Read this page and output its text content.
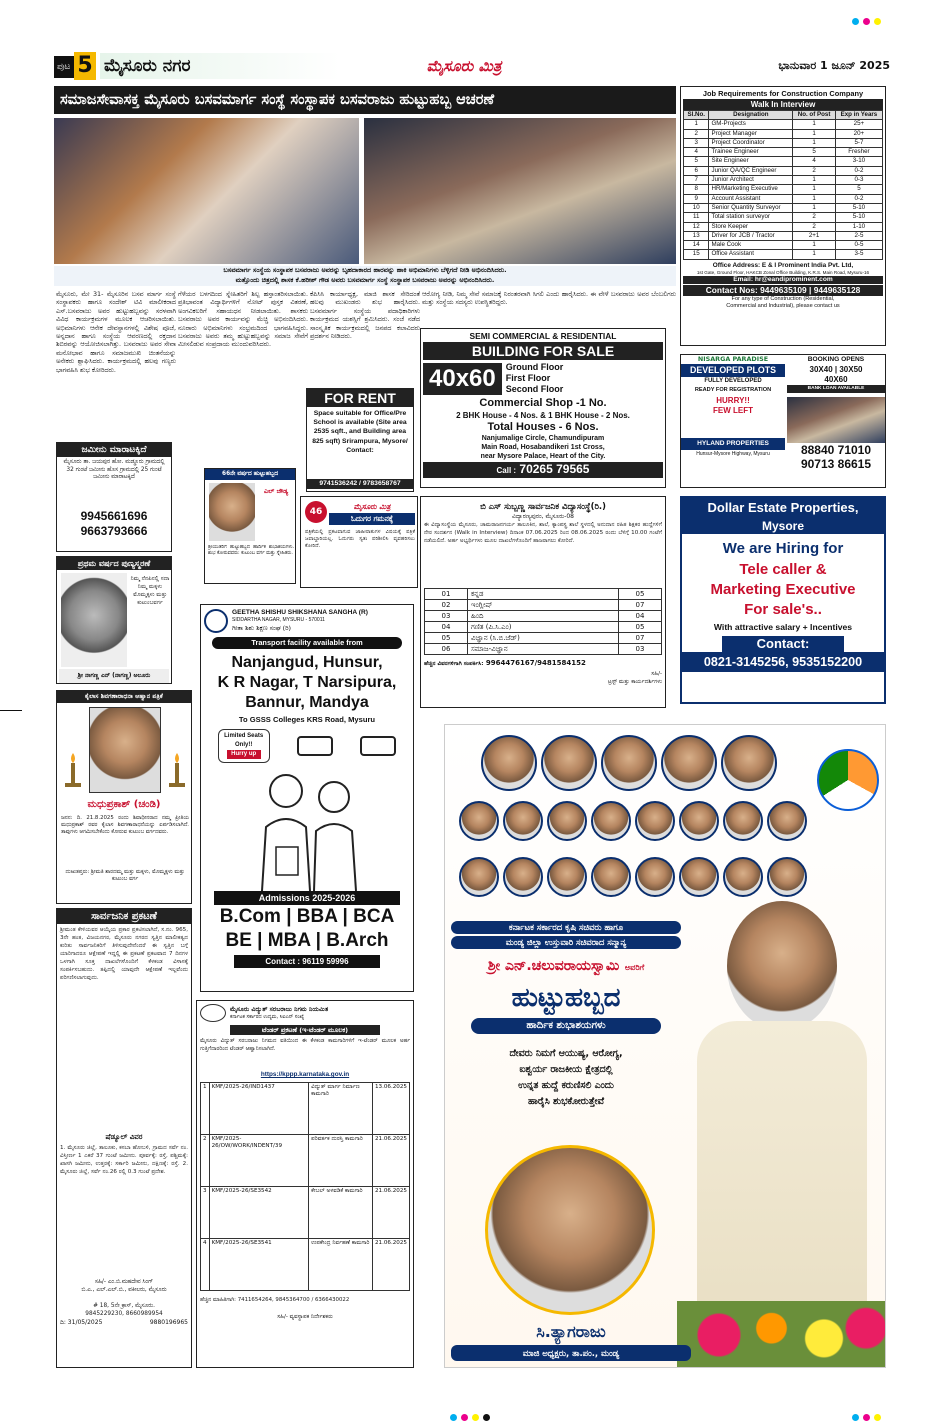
ಪುಟ 5 ಮೈಸೂರು ನಗರ	ಮೈಸೂರು ಮಿತ್ರ	ಭಾನುವಾರ 1 ಜೂನ್ 2025
ಸಮಾಜಸೇವಾಸಕ್ತ ಮೈಸೂರು ಬಸವಮಾರ್ಗ ಸಂಸ್ಥೆ ಸಂಸ್ಥಾಪಕ ಬಸವರಾಜು ಹುಟ್ಟುಹಬ್ಬ ಆಚರಣೆ
ಬಸವಮಾರ್ಗ ಸಂಸ್ಥೆಯ ಸಂಸ್ಥಾಪಕ ಬಸವರಾಜು ಅವರನ್ನು ಬೃಹದಾಕಾರದ ಹಾರವನ್ನು ಹಾಕಿ ಅಭಿಮಾನಿಗಳು ಬೆಳ್ಳಿಗದೆ ನೀಡಿ ಅಭಿನಂದಿಸಿದರು.
ಮತ್ತೊಂದು ಚಿತ್ರದಲ್ಲಿ ಶಾಸಕ ಕೆ.ಹರೀಶ್ ಗೌಡ ಅವರು ಬಸವಮಾರ್ಗ ಸಂಸ್ಥೆ ಸಂಸ್ಥಾಪಕ ಬಸವರಾಜು ಅವರನ್ನು ಅಭಿನಂದಿಸಿದರು.
ಮೈಸೂರು, ಮೇ 31- ಮೈಸೂರಿನ ಬಸವ ಮಾರ್ಗ ಸಂಸ್ಥೆ ಸಂಸ್ಥಾಪಕರು ಹಾಗೂ ಸಂದೇಶ್ ಟಿವಿ ಮಾಲೀಕರಾದ ಎಸ್.ಬಸವರಾಜು ಅವರ ಹುಟ್ಟುಹಬ್ಬವನ್ನು ಸರಳವಾಗಿ ವಿವಿಧ ಕಾರ್ಯಕ್ರಮಗಳ ಮೂಲಕ ಆಚರಿಸಲಾಯಿತು. ಅಭಿಮಾನಿಗಳು ಆನೇಕ ದೇವಸ್ಥಾನಗಳಲ್ಲಿ ವಿಶೇಷ ಪೂಜೆ, ಅನ್ನದಾನ ಹಾಗೂ ಸಂಸ್ಥೆಯ ಆವರಣದಲ್ಲಿ ರಕ್ತದಾನ ಶಿಬಿರವನ್ನು ಆಯೋಜಿಸಲಾಗಿತ್ತು. ಬಸವರಾಜು ಅವರ ಸೇವಾ ಮನೋಭಾವ ಹಾಗೂ ಸಮಾಜಮುಖಿ ಚಿಂತನೆಯನ್ನು ಅನೇಕರು ಶ್ಲಾಘಿಸಿದರು. ಕಾರ್ಯಕ್ರಮದಲ್ಲಿ ಹಲವು ಗಣ್ಯರು ಭಾಗವಹಿಸಿ ಶುಭ ಕೋರಿದರು.
ಗೆಳೆಯರ ಬಳಗದಿಂದ ಸ್ನೇಹಿತರಿಗೆ ಶಿಲ್ಪ ಹಸ್ತಾಂತರಿಸಲಾಯಿತು. ಪ್ರತಿಭಾವಂತ ವಿದ್ಯಾರ್ಥಿಗಳಿಗೆ ನೋಟ್ ಪುಸ್ತಕ ವಿತರಣೆ, ಅಂಗವಿಕಲರಿಗೆ ಸಹಾಯಧನ ನೀಡಲಾಯಿತು. ಶಾಸಕರು ಬಸವರಾಜು ಅವರ ಕಾರ್ಯವನ್ನು ಮೆಚ್ಚಿ ಅಭಿನಂದಿಸಿದರು. ನೂರಾರು ಅಭಿಮಾನಿಗಳು ಸಂಭ್ರಮದಿಂದ ಭಾಗವಹಿಸಿದ್ದರು. ಬಸವರಾಜು ಅವರು ತಮ್ಮ ಹುಟ್ಟುಹಬ್ಬವನ್ನು ಸಮಾಜ ಸೇವೆಗೆ ಮೀಸಲಿಡುವ ಸಂಪ್ರದಾಯ ಮುಂದುವರಿಸಿದರು.
ಕೆಪಿಸಿಸಿ ಕಾರ್ಯಾಧ್ಯಕ್ಷ, ಮಾಜಿ ಶಾಸಕ ಸೇರಿದಂತೆ ಹಲವು ಮುಖಂಡರು ಶುಭ ಹಾರೈಸಿದರು. ಬಸವಮಾರ್ಗ ಸಂಸ್ಥೆಯ ಪದಾಧಿಕಾರಿಗಳು ಕಾರ್ಯಕ್ರಮದ ಯಶಸ್ಸಿಗೆ ಶ್ರಮಿಸಿದರು. ಸಂಜೆ ನಡೆದ ಸಾಂಸ್ಕೃತಿಕ ಕಾರ್ಯಕ್ರಮದಲ್ಲಿ ಜನಪದ ಕಲಾವಿದರು ಪ್ರದರ್ಶನ ನೀಡಿದರು.
ಆರೋಗ್ಯ ನೀಡಿ, ನಿಮ್ಮ ಸೇವೆ ಸಮಾಜಕ್ಕೆ ನಿರಂತರವಾಗಿ ಸಿಗಲಿ ಎಂದು ಹಾರೈಸಿದರು. ಈ ವೇಳೆ ಬಸವರಾಜು ಅವರ ಬೆಂಬಲಿಗರು ಮತ್ತು ಸಂಸ್ಥೆಯ ಸದಸ್ಯರು ಉಪಸ್ಥಿತರಿದ್ದರು.
Job Requirements for Construction Company
Walk In Interview
Sl.No.	Designation	No. of Post	Exp in Years
1	GM-Projects	1	25+
2	Project Manager	1	20+
3	Project Coordinator	1	5-7
4	Trainee Engineer	5	Fresher
5	Site Engineer	4	3-10
6	Junior QA/QC Engineer	2	0-2
7	Junior Architect	1	0-3
8	HR/Marketing Executive	1	5
9	Account Assistant	1	0-2
10	Senior Quantity Surveyor	1	5-10
11	Total station surveyor	2	5-10
12	Store Keeper	2	1-10
13	Driver for JCB / Tractor	2+1	2-5
14	Male Cook	1	0-5
15	Office Assistant	1	3-5
Office Address: E & I Prominent India Pvt. Ltd,
1st Gate, Ground Floor, HAKCB Zonal Office Building, K.R.S. Main Road, Mysuru-16
Email: hr@eandiprominent.com
Contact Nos: 9449635109 | 9449635128
For any type of Construction (Residential,
Commercial and Industrial), please contact us
ಜಮೀನು ಮಾರಾಟಕ್ಕಿದೆ
ಮೈಸೂರು ತಾ. ಜಯಪುರ ಹೋ. ಮಡ್ಡೂರು ಗ್ರಾಮದಲ್ಲಿ 32 ಗುಂಟೆ ಜಮೀನು ಹೊಸ ಗ್ರಾಮದಲ್ಲಿ 25 ಗುಂಟೆ ಜಮೀನು ಮಾರಾಟಕ್ಕಿದೆ
9945661696
9663793666
ಪ್ರಥಮ ವರ್ಷದ ಪುಣ್ಯಸ್ಮರಣೆ
ನಿಮ್ಮ ನೆನಪಿನಲ್ಲಿ ಸದಾ ನಿಮ್ಮ ಮಕ್ಕಳು ಮೊಮ್ಮಕ್ಕಳು ಮತ್ತು ಕುಟುಂಬವರ್ಗ
ಶ್ರೀ ನಾಗಣ್ಣ ಎನ್ (ನಾಗಣ್ಣ) ಅಲೂರು
ಕೈಲಾಸ ಶಿವಗಣಾರಾಧನಾ ಆಹ್ವಾನ ಪತ್ರಿಕೆ
ಮಧುಪ್ರಕಾಶ್ (ಚಂಡಿ)
ಜನನ: ದಿ. 21.8.2025 ರಂದು ಶಿವಾಧೀನರಾದ ನಮ್ಮ ಪ್ರೀತಿಯ ಮಧುಪ್ರಕಾಶ್ ರವರ ಕೈಲಾಸ ಶಿವಗಣಾರಾಧನೆಯನ್ನು ಏರ್ಪಡಿಸಲಾಗಿದೆ. ತಾವುಗಳು ಆಗಮಿಸಬೇಕೆಂದು ಕೋರುವ ಕುಟುಂಬ ವರ್ಗದವರು.
ದುಃಖತಪ್ತರು: ಶ್ರೀಮತಿ ಶಾರದಮ್ಮ ಮತ್ತು ಮಕ್ಕಳು, ಮೊಮ್ಮಕ್ಕಳು ಮತ್ತು ಕುಟುಂಬ ವರ್ಗ
ಸಾರ್ವಜನಿಕ ಪ್ರಕಟಣೆ
ಶ್ರೀಮಂತ ಕೇಳಿಯವರ ಆಯ್ಕೆಯ ಪ್ರಕಾರ ಪ್ರಕಟಿಸಲಾಗಿದೆ, ಸ.ನಂ. 965, 3ನೇ ಹಂತ, ವಿಜಯನಗರ, ಮೈಸೂರು ನಗರದ ಸ್ವತ್ತಿನ ಮಾಲೀಕತ್ವದ ಕುರಿತು ಸಾರ್ವಜನಿಕರಿಗೆ ತಿಳಿಸುವುದೇನೆಂದರೆ ಈ ಸ್ವತ್ತಿನ ಬಗ್ಗೆ ಯಾರಿಗಾದರೂ ಆಕ್ಷೇಪಣೆ ಇದ್ದಲ್ಲಿ ಈ ಪ್ರಕಟಣೆ ಪ್ರಕಟವಾದ 7 ದಿನಗಳ ಒಳಗಾಗಿ ಸೂಕ್ತ ದಾಖಲೆಗಳೊಂದಿಗೆ ಕೆಳಕಂಡ ವಿಳಾಸಕ್ಕೆ ಸಂಪರ್ಕಿಸಬಹುದು. ತಪ್ಪಿದಲ್ಲಿ ಯಾವುದೇ ಆಕ್ಷೇಪಣೆ ಇಲ್ಲವೆಂದು ಪರಿಗಣಿಸಲಾಗುವುದು.
ಷೆಡ್ಯೂಲ್ ವಿವರ
1. ಮೈಸೂರು ಜಿಲ್ಲೆ, ತಾಲೂಕು, ಕಸಬಾ ಹೋಬಳಿ, ಗ್ರಾಮದ ಸರ್ವೆ ನಂ. ವಿಸ್ತೀರ್ಣ 1 ಎಕರೆ 37 ಗುಂಟೆ ಜಮೀನು. ಪೂರ್ವಕ್ಕೆ: ರಸ್ತೆ, ಪಶ್ಚಿಮಕ್ಕೆ: ಖಾಸಗಿ ಜಮೀನು, ಉತ್ತರಕ್ಕೆ: ಸರ್ಕಾರಿ ಜಮೀನು, ದಕ್ಷಿಣಕ್ಕೆ: ರಸ್ತೆ. 2. ಮೈಸೂರು ಜಿಲ್ಲೆ, ಸರ್ವೆ ನಂ.26 ರಲ್ಲಿ 0.3 ಗುಂಟೆ ಪ್ರದೇಶ.
ಸಹಿ/- ಎಂ.ಬಿ.ಮಹದೇವ ಸಿಂಗ್
ಬಿ.ಎ., ಎಲ್.ಎಲ್.ಬಿ., ವಕೀಲರು, ಮೈಸೂರು
# 18, 5ನೇ ಕ್ರಾಸ್, ಮೈಸೂರು.
9845229230, 8660989954
ದಿ: 31/05/2025	9880196965
66ನೇ ವರ್ಷದ ಹುಟ್ಟುಹಬ್ಬದ
ಎಲ್ ಜೌಡ್ಯ
ಶ್ರೀಯುತರಿಗೆ ಹುಟ್ಟುಹಬ್ಬದ ಹಾರ್ದಿಕ ಶುಭಾಶಯಗಳು. ಶುಭ ಕೋರುವವರು: ಕುಟುಂಬ ವರ್ಗ ಮತ್ತು ಸ್ನೇಹಿತರು.
46
ಮೈಸೂರು ಮಿತ್ರ
ಓದುಗರ ಗಮನಕ್ಕೆ
ಪತ್ರಿಕೆಯಲ್ಲಿ ಪ್ರಕಟವಾಗುವ ಜಾಹೀರಾತುಗಳ ವಿಷಯಕ್ಕೆ ಪತ್ರಿಕೆ ಜವಾಬ್ದಾರಿಯಲ್ಲ. ಓದುಗರು ಸ್ವತಃ ಪರಿಶೀಲಿಸಿ ವ್ಯವಹರಿಸಲು ಕೋರಿದೆ.
FOR RENT
Space suitable for Office/Pre School is available (Site area 2535 sqft., and Building area 825 sqft) Srirampura, Mysore/ Contact:
9741536242 / 9783658767
SEMI COMMERCIAL & RESIDENTIAL
BUILDING FOR SALE
40x60	Ground Floor
First Floor
Second Floor
Commercial Shop -1 No.
2 BHK House - 4 Nos. & 1 BHK House - 2 Nos.
Total Houses - 6 Nos.
Nanjumalige Circle, Chamundipuram
Main Road, Hosabandikeri 1st Cross,
near Mysore Palace, Heart of the City.
Call : 70265 79565
NISARGA PARADISE
DEVELOPED PLOTS
FULLY DEVELOPED
READY FOR REGISTRATION
HURRY!!
FEW LEFT
HYLAND PROPERTIES
Hunsur-Mysore Highway, Mysuru
BOOKING OPENS
30X40 | 30X50
40X60
BANK LOAN AVAILABLE
88840 71010
90713 86615
Dollar Estate Properties,
Mysore
We are Hiring for
Tele caller &
Marketing Executive
For sale's..
With attractive salary + Incentives
Contact:
0821-3145256, 9535152200
ಬಿ ಎಸ್ ಸುಬ್ಬಣ್ಣ ಸಾರ್ವಜನಿಕ ವಿದ್ಯಾಸಂಸ್ಥೆ(ರಿ.)
ವಿದ್ಯಾರಣ್ಯಪುರಂ, ಮೈಸೂರು-08
ಈ ವಿದ್ಯಾಸಂಸ್ಥೆಯ ಮೈಸೂರು, ಚಾಮರಾಜನಗರ್ಯ ತಾಲೂಕಿನ, ಶಾಲೆ, ಕ್ಯಾಂಪಸ್ಟ್ರ ಶಾಲೆ ಸ್ಥಳದಲ್ಲಿ ಅನುದಾನ ರಹಿತ ಶಿಕ್ಷಕರ ಹುದ್ದೆಗಳಿಗೆ ನೇರ ಸಂದರ್ಶನ (Walk in Interview) ದಿನಾಂಕ 07.06.2025 ರಿಂದ 08.06.2025 ರಂದು ಬೆಳಿಗ್ಗೆ 10.00 ಗಂಟೆಗೆ ನಡೆಯಲಿದೆ. ಅರ್ಹ ಅಭ್ಯರ್ಥಿಗಳು ಮೂಲ ದಾಖಲೆಗಳೊಂದಿಗೆ ಹಾಜರಾಗಲು ಕೋರಿದೆ.
01	ಕನ್ನಡ	05
02	ಇಂಗ್ಲೀಷ್	07
03	ಹಿಂದಿ	04
04	ಗಣಿತ (ಪಿ.ಸಿ.ಎಂ)	05
05	ವಿಜ್ಞಾನ (ಸಿ.ಬಿ.ಜೆಡ್)	07
06	ಸಮಾಜ-ವಿಜ್ಞಾನ	03
ಹೆಚ್ಚಿನ ವಿವರಗಳಿಗಾಗಿ ಸಂಪರ್ಕಿಸಿ: 9964476167/9481584152
ಸಹಿ/-
ಟ್ರಸ್ಟ್ ಮತ್ತು ಕಾರ್ಯದರ್ಶಿಗಳು
GEETHA SHISHU SHIKSHANA SANGHA (R)
SIDDARTHA NAGAR, MYSURU - 570011
ಗೀತಾ ಶಿಶು ಶಿಕ್ಷಣ ಸಂಘ (ರಿ)
Transport facility available from
Nanjangud, Hunsur,
K R Nagar, T Narsipura,
Bannur, Mandya
To GSSS Colleges KRS Road, Mysuru
Limited Seats Only!!
Hurry up
Admissions 2025-2026
B.Com | BBA | BCA
BE | MBA | B.Arch
Contact : 96119 59996
ಮೈಸೂರು ವಿದ್ಯುತ್ ಸರಬರಾಜು ನಿಗಮ ನಿಯಮಿತ
ಕರ್ನಾಟಕ ಸರ್ಕಾರದ ಉದ್ಯಮ, ಸಿಐಎನ್ ಸಂಖ್ಯೆ
ಟೆಂಡರ್ ಪ್ರಕಟಣೆ (ಇ-ಟೆಂಡರ್ ಮೂಲಕ)
ಮೈಸೂರು ವಿದ್ಯುತ್ ಸರಬರಾಜು ನಿಗಮದ ವತಿಯಿಂದ ಈ ಕೆಳಕಂಡ ಕಾಮಗಾರಿಗಳಿಗೆ ಇ-ಟೆಂಡರ್ ಮೂಲಕ ಅರ್ಹ ಗುತ್ತಿಗೆದಾರರಿಂದ ಟೆಂಡರ್ ಆಹ್ವಾನಿಸಲಾಗಿದೆ.
https://kppp.karnataka.gov.in
1	KMF/2025-26/IND1437	ವಿದ್ಯುತ್ ಮಾರ್ಗ ನಿರ್ಮಾಣ ಕಾಮಗಾರಿ	13.06.2025
2	KMF/2025-26/OW/WORK/INDENT/39	ಪರಿವರ್ತಕ ದುರಸ್ತಿ ಕಾಮಗಾರಿ	21.06.2025
3	KMF/2025-26/SE3542	ಕೇಬಲ್ ಅಳವಡಿಕೆ ಕಾಮಗಾರಿ	21.06.2025
4	KMF/2025-26/SE3541	ಉಪಕೇಂದ್ರ ನಿರ್ವಹಣೆ ಕಾಮಗಾರಿ	21.06.2025
ಹೆಚ್ಚಿನ ಮಾಹಿತಿಗಾಗಿ: 7411654264, 9845364700 / 6366430022
ಸಹಿ/- ವ್ಯವಸ್ಥಾಪಕ ನಿರ್ದೇಶಕರು
ಕರ್ನಾಟಕ ಸರ್ಕಾರದ ಕೃಷಿ ಸಚಿವರು ಹಾಗೂ
ಮಂಡ್ಯ ಜಿಲ್ಲಾ ಉಸ್ತುವಾರಿ ಸಚಿವರಾದ ಸನ್ಮಾನ್ಯ
ಶ್ರೀ ಎನ್.ಚಲುವರಾಯಸ್ವಾಮಿ ಅವರಿಗೆ
ಹುಟ್ಟುಹಬ್ಬದ
ಹಾರ್ದಿಕ ಶುಭಾಶಯಗಳು
ದೇವರು ನಿಮಗೆ ಆಯುಷ್ಯ, ಆರೋಗ್ಯ,
ಐಶ್ವರ್ಯ ರಾಜಕೀಯ ಕ್ಷೇತ್ರದಲ್ಲಿ
ಉನ್ನತ ಹುದ್ದೆ ಕರುಣಿಸಲಿ ಎಂದು
ಹಾರೈಸಿ ಶುಭಕೋರುತ್ತೇವೆ
ಸಿ.ತ್ಯಾಗರಾಜು
ಮಾಜಿ ಅಧ್ಯಕ್ಷರು, ತಾ.ಪಂ., ಮಂಡ್ಯ
